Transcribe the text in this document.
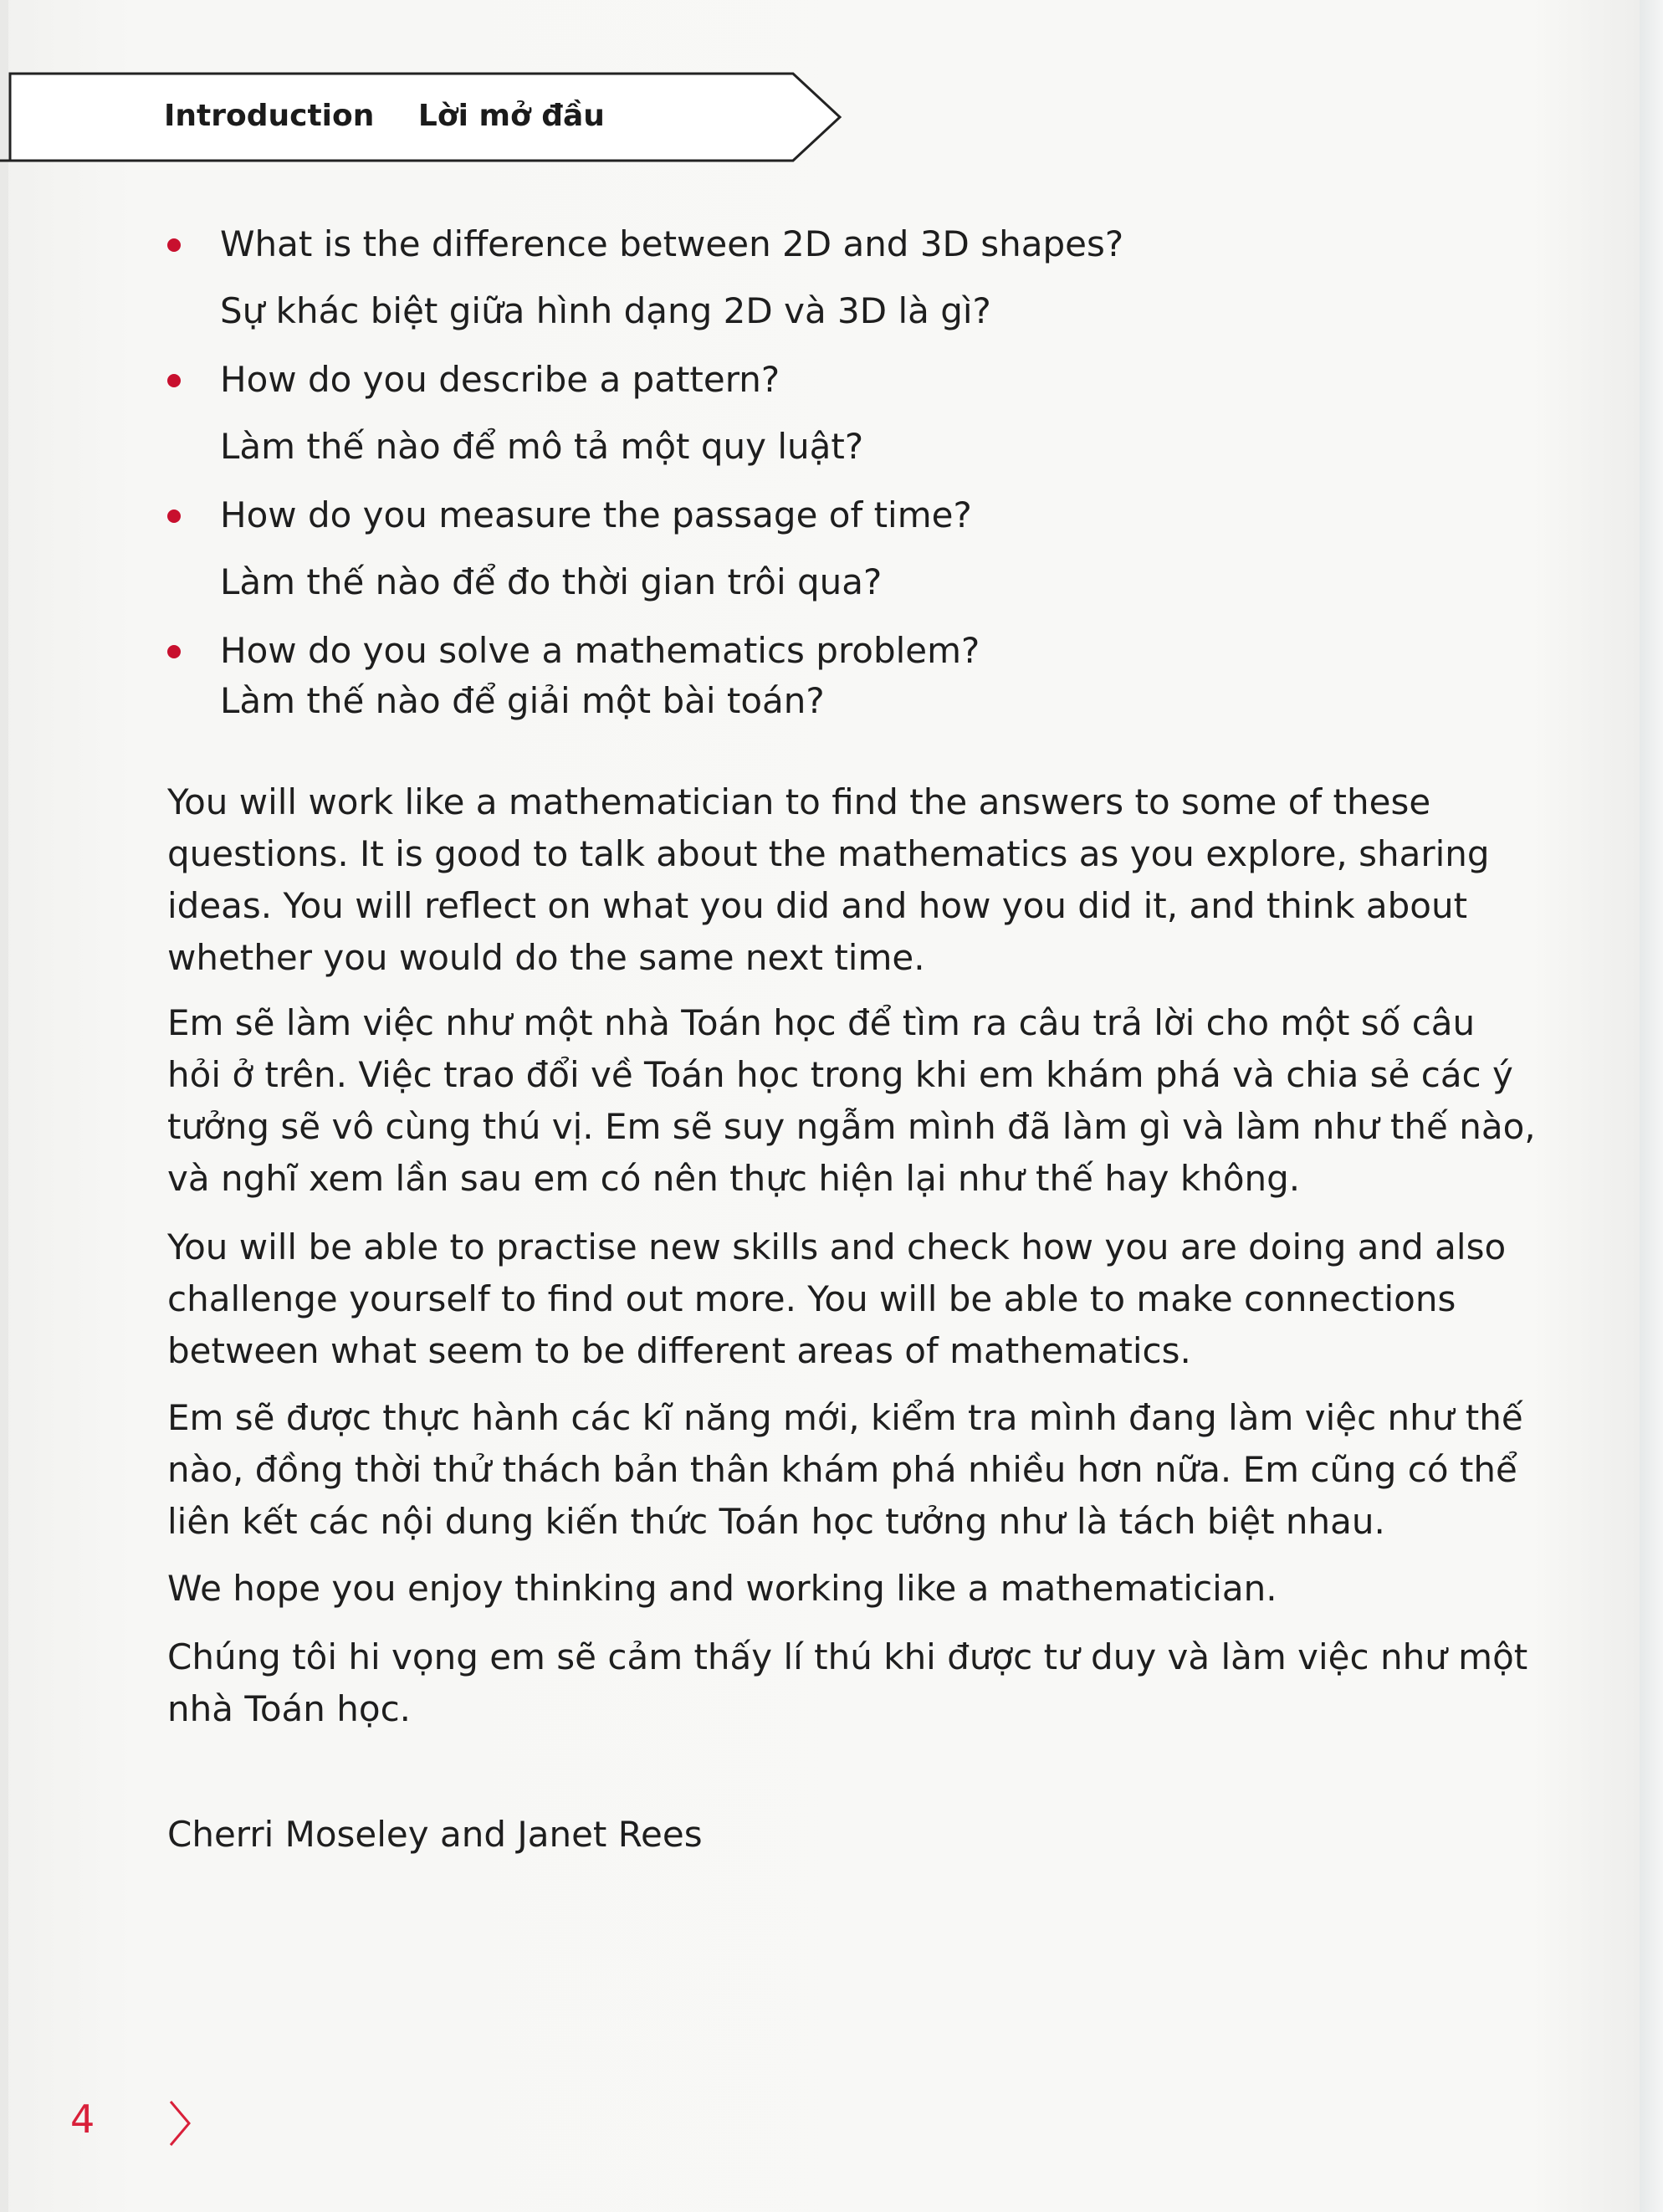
Introduction Lời mở đầu
What is the difference between 2D and 3D shapes?
Sự khác biệt giữa hình dạng 2D và 3D là gì?
How do you describe a pattern?
Làm thế nào để mô tả một quy luật?
How do you measure the passage of time?
Làm thế nào để đo thời gian trôi qua?
How do you solve a mathematics problem?
Làm thế nào để giải một bài toán?
You will work like a mathematician to find the answers to some of these
questions. It is good to talk about the mathematics as you explore, sharing
ideas. You will reflect on what you did and how you did it, and think about
whether you would do the same next time.
Em sẽ làm việc như một nhà Toán học để tìm ra câu trả lời cho một số câu
hỏi ở trên. Việc trao đổi về Toán học trong khi em khám phá và chia sẻ các ý
tưởng sẽ vô cùng thú vị. Em sẽ suy ngẫm mình đã làm gì và làm như thế nào,
và nghĩ xem lần sau em có nên thực hiện lại như thế hay không.
You will be able to practise new skills and check how you are doing and also
challenge yourself to find out more. You will be able to make connections
between what seem to be different areas of mathematics.
Em sẽ được thực hành các kĩ năng mới, kiểm tra mình đang làm việc như thế
nào, đồng thời thử thách bản thân khám phá nhiều hơn nữa. Em cũng có thể
liên kết các nội dung kiến thức Toán học tưởng như là tách biệt nhau.
We hope you enjoy thinking and working like a mathematician.
Chúng tôi hi vọng em sẽ cảm thấy lí thú khi được tư duy và làm việc như một
nhà Toán học.
Cherri Moseley and Janet Rees
4
